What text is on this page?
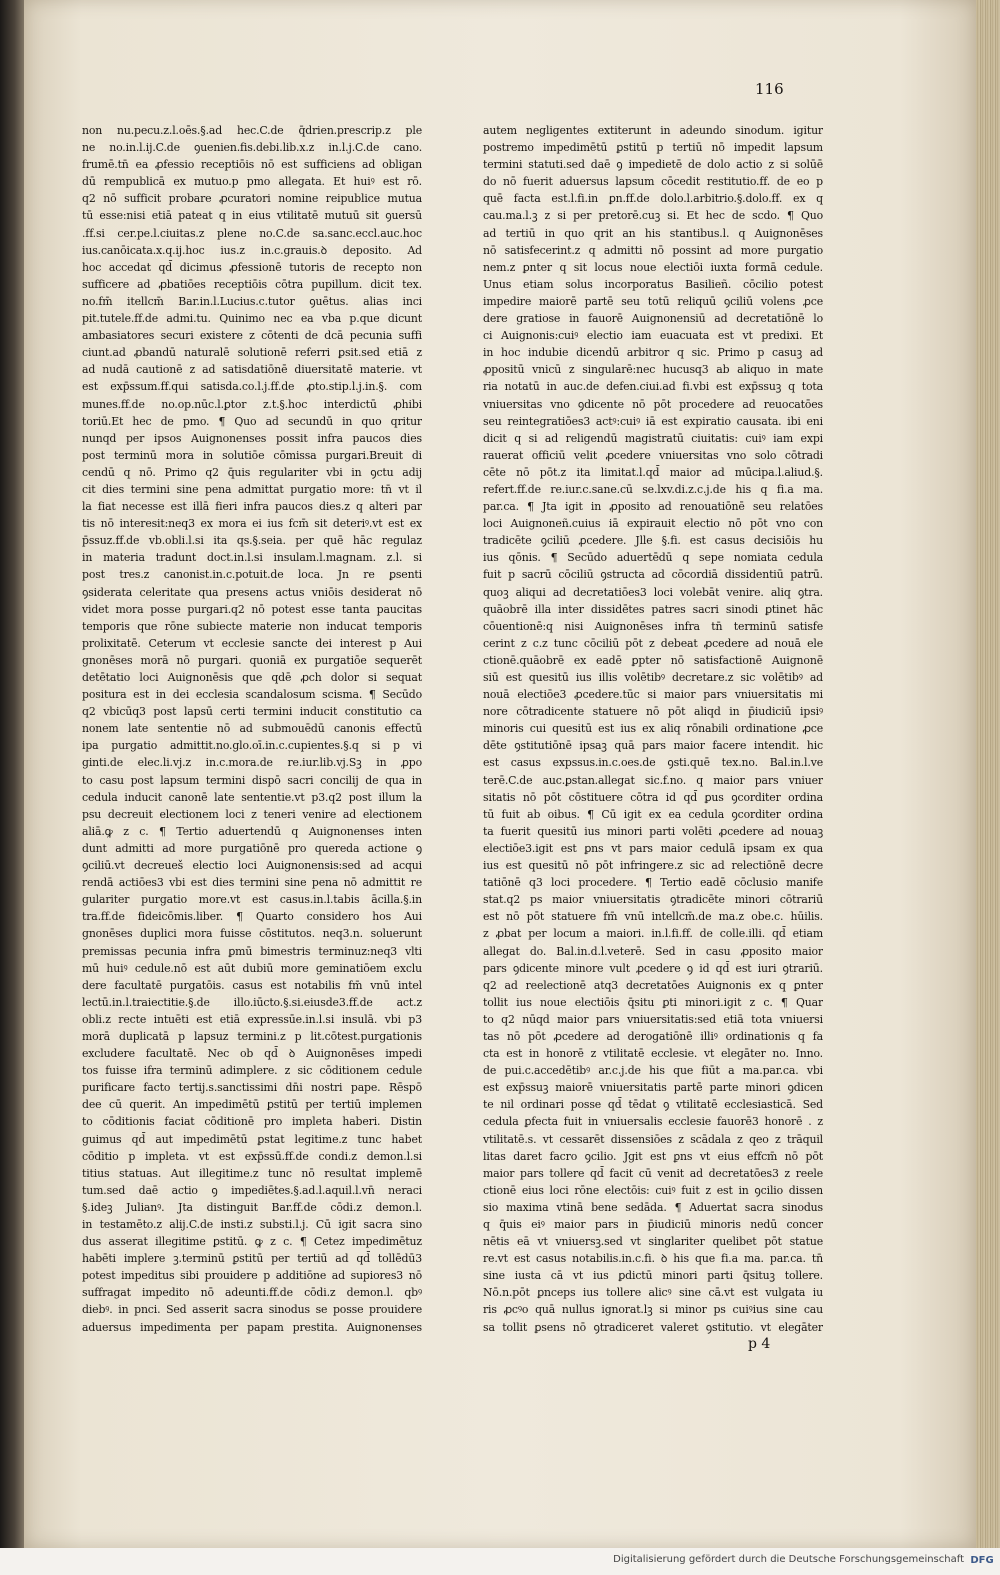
116
non nu.pecu.z.l.oēs.§.ad hec.C.de q̄drien.prescrip.z ple
ne no.in.l.ij.C.de ꝯuenien.fis.debi.lib.x.z in.l.j.C.de cano.
frumē.tn̄ ea ꝓfessio receptiōis nō est sufficiens ad obligan
dū rempublicā ex mutuo.p pmo allegata. Et huiꝰ est rō.
q2 nō sufficit probare ꝓcuratori nomine reipublice mutua
tū esse:nisi etiā pateat q in eius vtilitatē mutuū sit ꝯuersū
.ff.si cer.pe.l.ciuitas.z plene no.C.de sa.sanc.eccl.auc.hoc
ius.canōicata.x.q.ij.hoc ius.z in.c.grauis.ꝺ deposito. Ad
hoc accedat qd̄ dicimus ꝓfessionē tutoris de recepto non
sufficere ad ꝓbatiōes receptiōis cōtra pupillum. dicit tex.
no.fm̄ itellcm̄ Bar.in.l.Lucius.c.tutor ꝯuētus. alias inci
pit.tutele.ff.de admi.tu. Quinimo nec ea vba p.que dicunt
ambasiatores securi existere z cōtenti de dcā pecunia suffi
ciunt.ad ꝓbandū naturalē solutionē referri ꝑsit.sed etiā z
ad nudā cautionē z ad satisdatiōnē diuersitatē materie. vt
est exp̄ssum.ff.qui satisda.co.l.j.ff.de ꝓto.stip.l.j.in.§. com
munes.ff.de no.op.nūc.l.ꝑtor z.t.§.hoc interdictū ꝓhibi
toriū.Et hec de pmo. ¶ Quo ad secundū in quo qritur
nunqd per ipsos Auignonenses possit infra paucos dies
post terminū mora in solutiōe cōmissa purgari.Breuit di
cendū q nō. Primo q2 q̄uis regulariter vbi in ꝯctu adij
cit dies termini sine pena admittat purgatio more: tn̄ vt il
la fiat necesse est illā fieri infra paucos dies.z q alteri par
tis nō interesit:neq3 ex mora ei ius fcm̄ sit deteriꝰ.vt est ex
p̄ssuz.ff.de vb.obli.l.si ita qs.§.seia. per quē hāc regulaz
in materia tradunt doct.in.l.si insulam.l.magnam. z.l. si
post tres.z canonist.in.c.potuit.de loca. Jn re ꝑsenti
ꝯsiderata celeritate qua presens actus vniōis desiderat nō
videt mora posse purgari.q2 nō potest esse tanta paucitas
temporis que rōne subiecte materie non inducat temporis
prolixitatē. Ceterum vt ecclesie sancte dei interest p Aui
gnonēses morā nō purgari. quoniā ex purgatiōe sequerēt
detētatio loci Auignonēsis que qdē ꝓch dolor si sequat
positura est in dei ecclesia scandalosum scisma. ¶ Secūdo
q2 vbicūq3 post lapsū certi termini inducit constitutio ca
nonem late sententie nō ad submouēdū canonis effectū
ipa purgatio admittit.no.glo.oī.in.c.cupientes.§.q si p vi
ginti.de elec.li.vj.z in.c.mora.de re.iur.lib.vj.Sꝫ in ꝓpo
to casu post lapsum termini dispō sacri concilij de qua in
cedula inducit canonē late sententie.vt p3.q2 post illum la
psu decreuit electionem loci z teneri venire ad electionem
aliā.ꝙ z c. ¶ Tertio aduertendū q Auignonenses inten
dunt admitti ad more purgatiōnē pro quereda actione ꝯ
ꝯciliū.vt decreueš electio loci Auignonensis:sed ad acqui
rendā actiōes3 vbi est dies termini sine pena nō admittit re
gulariter purgatio more.vt est casus.in.l.tabis ācilla.§.in
tra.ff.de fideicōmis.liber. ¶ Quarto considero hos Aui
gnonēses duplici mora fuisse cōstitutos. neq3.n. soluerunt
premissas pecunia infra ꝑmū bimestris terminuz:neq3 vlti
mū huiꝰ cedule.nō est aūt dubiū more geminatiōem exclu
dere facultatē purgatōis. casus est notabilis fm̄ vnū intel
lectū.in.l.traiectitie.§.de illo.iūcto.§.si.eiusde3.ff.de act.z
obli.z recte intuēti est etiā expressūe.in.l.si insulā. vbi p3
morā duplicatā p lapsuz termini.z p lit.cōtest.purgationis
excludere facultatē. Nec ob qd̄ ꝺ Auignonēses impedi
tos fuisse ifra terminū adimplere. z sic cōditionem cedule
purificare facto tertij.s.sanctissimi dn̄i nostri pape. Rēspō
dee cū querit. An impedimētū ꝑstitū per tertiū implemen
to cōditionis faciat cōditionē pro impleta haberi. Distin
guimus qd̄ aut impedimētū ꝑstat legitime.z tunc habet
cōditio p impleta. vt est exp̄ssū.ff.de condi.z demon.l.si
titius statuas. Aut illegitime.z tunc nō resultat implemē
tum.sed daē actio ꝯ impediētes.§.ad.l.aquil.l.vn̄ neraci
§.ideꝫ Julianꝰ. Jta distinguit Bar.ff.de cōdi.z demon.l.
in testamēto.z alij.C.de insti.z substi.l.j. Cū igit sacra sino
dus asserat illegitime ꝑstitū. ꝙ z c. ¶ Cetez impedimētuz
habēti implere ꝫ.terminū ꝑstitū per tertiū ad qd̄ tollēdū3
potest impeditus sibi prouidere p additiōne ad supiores3 nō
suffragat impedito nō adeunti.ff.de cōdi.z demon.l. qbꝰ
diebꝰ. in pnci. Sed asserit sacra sinodus se posse prouidere
aduersus impedimenta per papam prestita. Auignonenses
autem negligentes extiterunt in adeundo sinodum. igitur
postremo impedimētū ꝑstitū p tertiū nō impedit lapsum
termini statuti.sed daē ꝯ impedietē de dolo actio z si solūē
do nō fuerit aduersus lapsum cōcedit restitutio.ff. de eo p
quē facta est.l.fi.in ꝑn.ff.de dolo.l.arbitrio.§.dolo.ff. ex q
cau.ma.l.ꝫ z si per pretorē.cuꝫ si. Et hec de scdo. ¶ Quo
ad tertiū in quo qrit an his stantibus.l. q Auignonēses
nō satisfecerint.z q admitti nō possint ad more purgatio
nem.z ꝑnter q sit locus noue electiōi iuxta formā cedule.
Unus etiam solus incorporatus Basilieñ. cōcilio potest
impedire maiorē partē seu totū reliquū ꝯciliū volens ꝓce
dere gratiose in fauorē Auignonensiū ad decretatiōnē lo
ci Auignonis:cuiꝰ electio iam euacuata est vt predixi. Et
in hoc indubie dicendū arbitror q sic. Primo p casuꝫ ad
ꝓpositū vnicū z singularē:nec hucusq3 ab aliquo in mate
ria notatū in auc.de defen.ciui.ad fi.vbi est exp̄ssuꝫ q tota
vniuersitas vno ꝯdicente nō pōt procedere ad reuocatōes
seu reintegratiōes3 actꝰ:cuiꝰ iā est expiratio causata. ibi eni
dicit q si ad religendū magistratū ciuitatis: cuiꝰ iam expi
rauerat officiū velit ꝓcedere vniuersitas vno solo cōtradi
cēte nō pōt.z ita limitat.l.qd̄ maior ad mūcipa.l.aliud.§.
refert.ff.de re.iur.c.sane.cū se.lxv.di.z.c.j.de his q fi.a ma.
par.ca. ¶ Jta igit in ꝓposito ad renouatiōnē seu relatōes
loci Auignoneñ.cuius iā expirauit electio nō pōt vno con
tradicēte ꝯciliū ꝓcedere. Jlle §.fi. est casus decisiōis hu
ius qōnis. ¶ Secūdo aduertēdū q sepe nomiata cedula
fuit p sacrū cōciliū ꝯstructa ad cōcordiā dissidentiū patrū.
quoꝫ aliqui ad decretatiōes3 loci volebāt venire. aliq ꝯtra.
quāobrē illa inter dissidētes patres sacri sinodi ꝑtinet hāc
cōuentionē:q nisi Auignonēses infra tn̄ terminū satisfe
cerint z c.z tunc cōciliū pōt z debeat ꝓcedere ad nouā ele
ctionē.quāobrē ex eadē ꝑpter nō satisfactionē Auignonē
siū est quesitū ius illis volētibꝰ decretare.z sic volētibꝰ ad
nouā electiōe3 ꝓcedere.tūc si maior pars vniuersitatis mi
nore cōtradicente statuere nō pōt aliqd in p̄iudiciū ipsiꝰ
minoris cui quesitū est ius ex aliq rōnabili ordinatione ꝓce
dēte ꝯstitutiōnē ipsaꝫ quā pars maior facere intendit. hic
est casus expssus.in.c.oes.de ꝯsti.quē tex.no. Bal.in.l.ve
terē.C.de auc.ꝑstan.allegat sic.f.no. q maior pars vniuer
sitatis nō pōt cōstituere cōtra id qd̄ ꝑus ꝯcorditer ordina
tū fuit ab oibus. ¶ Cū igit ex ea cedula ꝯcorditer ordina
ta fuerit quesitū ius minori parti volēti ꝓcedere ad nouaꝫ
electiōe3.igit est ꝑns vt pars maior cedulā ipsam ex qua
ius est quesitū nō pōt infringere.z sic ad relectiōnē decre
tatiōnē q3 loci procedere. ¶ Tertio eadē cōclusio manife
stat.q2 ps maior vniuersitatis ꝯtradicēte minori cōtrariū
est nō pōt statuere fm̄ vnū intellcm̄.de ma.z obe.c. hūilis.
z ꝓbat per locum a maiori. in.l.fi.ff. de colle.illi. qd̄ etiam
allegat do. Bal.in.d.l.veterē. Sed in casu ꝓposito maior
pars ꝯdicente minore vult ꝓcedere ꝯ id qd̄ est iuri ꝯtrariū.
q2 ad reelectionē atq3 decretatōes Auignonis ex q ꝑnter
tollit ius noue electiōis q̄situ ꝑti minori.igit z c. ¶ Quar
to q2 nūqd maior pars vniuersitatis:sed etiā tota vniuersi
tas nō pōt ꝓcedere ad derogatiōnē illiꝰ ordinationis q fa
cta est in honorē z vtilitatē ecclesie. vt elegāter no. Inno.
de pui.c.accedētibꝰ ar.c.j.de his que fiūt a ma.par.ca. vbi
est exp̄ssuꝫ maiorē vniuersitatis partē parte minori ꝯdicen
te nil ordinari posse qd̄ tēdat ꝯ vtilitatē ecclesiasticā. Sed
cedula ꝑfecta fuit in vniuersalis ecclesie fauorē3 honorē . z
vtilitatē.s. vt cessarēt dissensiōes z scādala z qeo z trāquil
litas daret facro ꝯcilio. Jgit est ꝑns vt eius effcm̄ nō pōt
maior pars tollere qd̄ facit cū venit ad decretatōes3 z reele
ctionē eius loci rōne electōis: cuiꝰ fuit z est in ꝯcilio dissen
sio maxima vtinā bene sedāda. ¶ Aduertat sacra sinodus
q q̄uis eiꝰ maior pars in p̄iudiciū minoris nedū concer
nētis eā vt vniuersꝫ.sed vt singlariter quelibet pōt statue
re.vt est casus notabilis.in.c.fi. ꝺ his que fi.a ma. par.ca. tn̄
sine iusta cā vt ius ꝑdictū minori parti q̄situꝫ tollere.
Nō.n.pōt ꝑnceps ius tollere alicꝰ sine cā.vt est vulgata iu
ris ꝓcꝰo quā nullus ignorat.lꝫ si minor ps cuiꝰius sine cau
sa tollit ꝑsens nō ꝯtradiceret valeret ꝯstitutio. vt elegāter
p 4
Digitalisierung gefördert durch die Deutsche Forschungsgemeinschaft DFG
